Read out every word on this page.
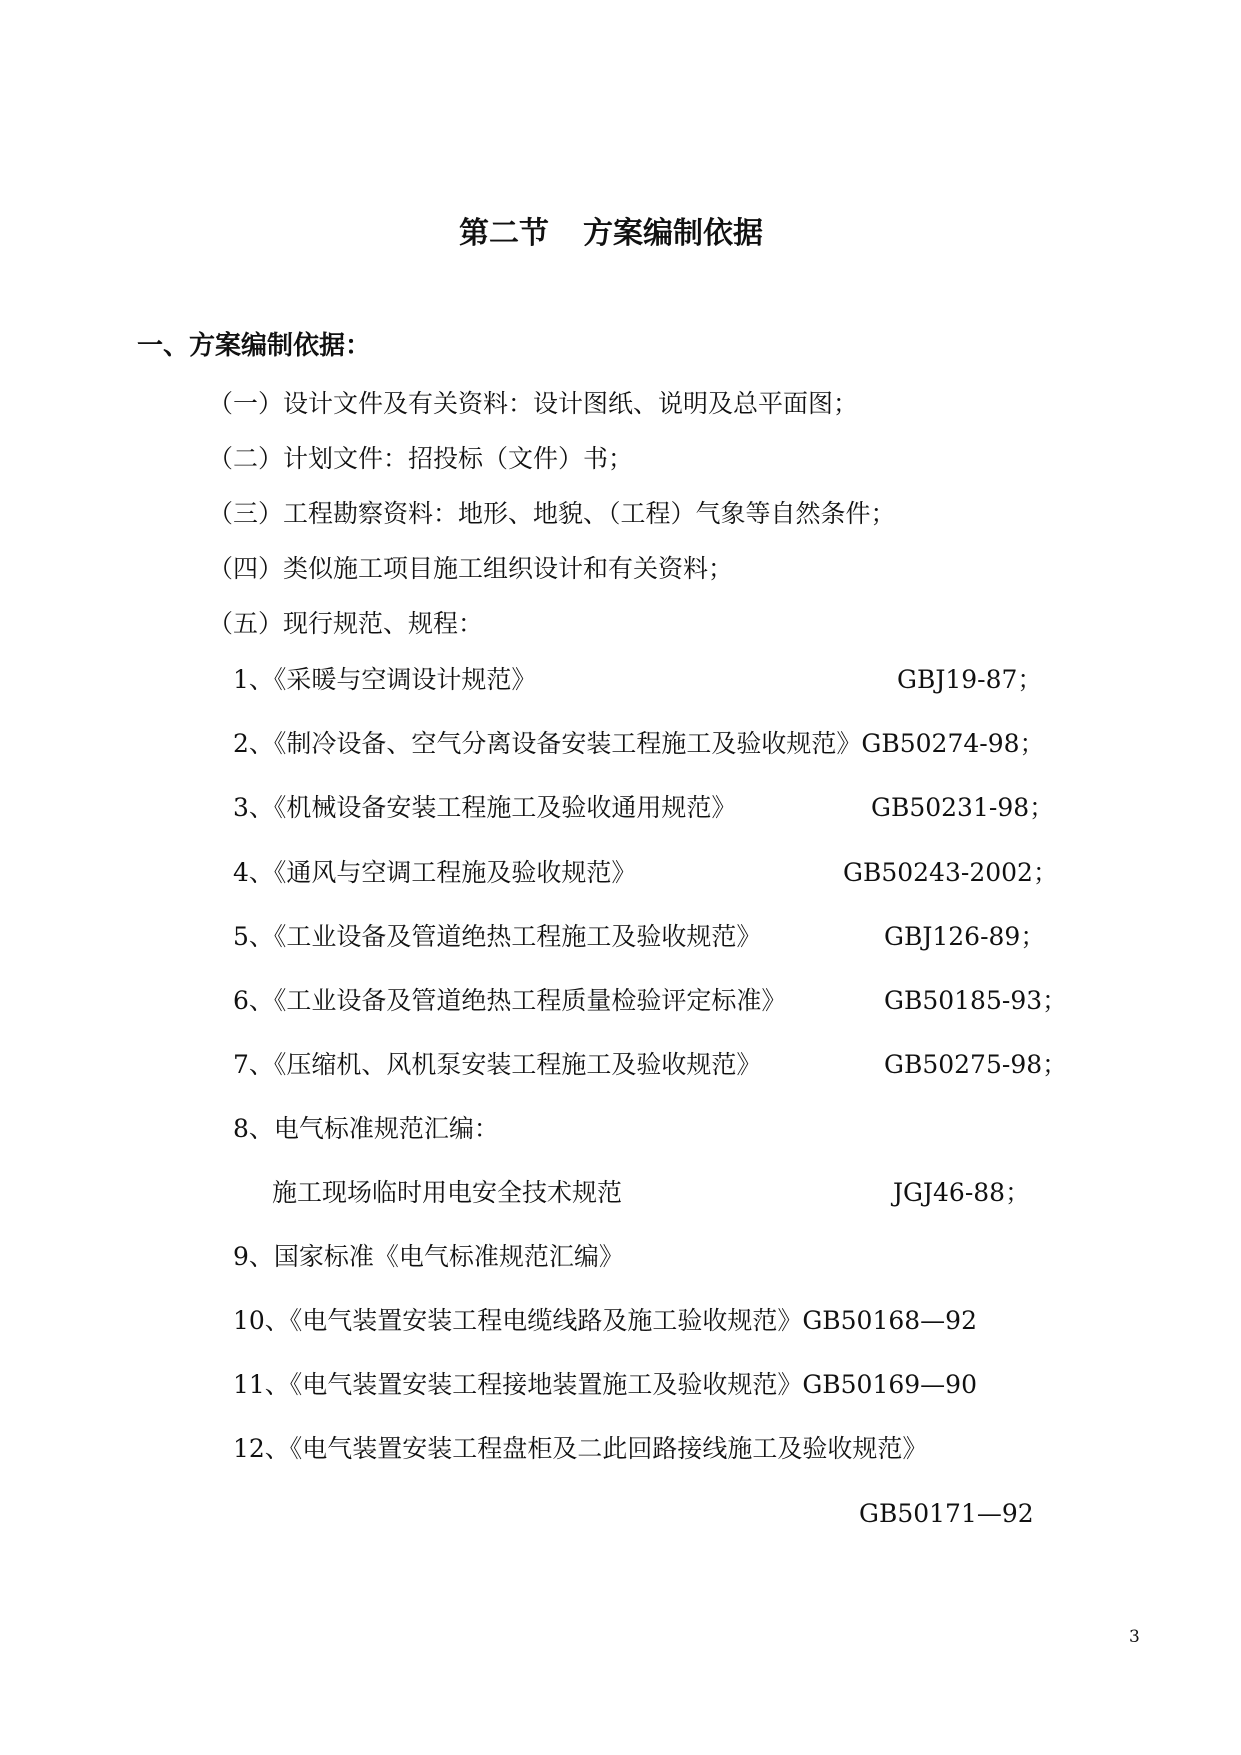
第二节 方案编制依据
一、方案编制依据：
（一）设计文件及有关资料：设计图纸、说明及总平面图；
（二）计划文件：招投标（文件）书；
（三）工程勘察资料：地形、地貌、（工程）气象等自然条件；
（四）类似施工项目施工组织设计和有关资料；
（五）现行规范、规程：
1、《采暖与空调设计规范》	GBJ19-87；
2、《制冷设备、空气分离设备安装工程施工及验收规范》GB50274-98；
3、《机械设备安装工程施工及验收通用规范》	GB50231-98；
4、《通风与空调工程施及验收规范》	GB50243-2002；
5、《工业设备及管道绝热工程施工及验收规范》	GBJ126-89；
6、《工业设备及管道绝热工程质量检验评定标准》	GB50185-93；
7、《压缩机、风机泵安装工程施工及验收规范》	GB50275-98；
8、电气标准规范汇编：
施工现场临时用电安全技术规范	JGJ46-88；
9、国家标准《电气标准规范汇编》
10、《电气装置安装工程电缆线路及施工验收规范》GB50168—92
11、《电气装置安装工程接地装置施工及验收规范》GB50169—90
12、《电气装置安装工程盘柜及二此回路接线施工及验收规范》
GB50171—92
3
